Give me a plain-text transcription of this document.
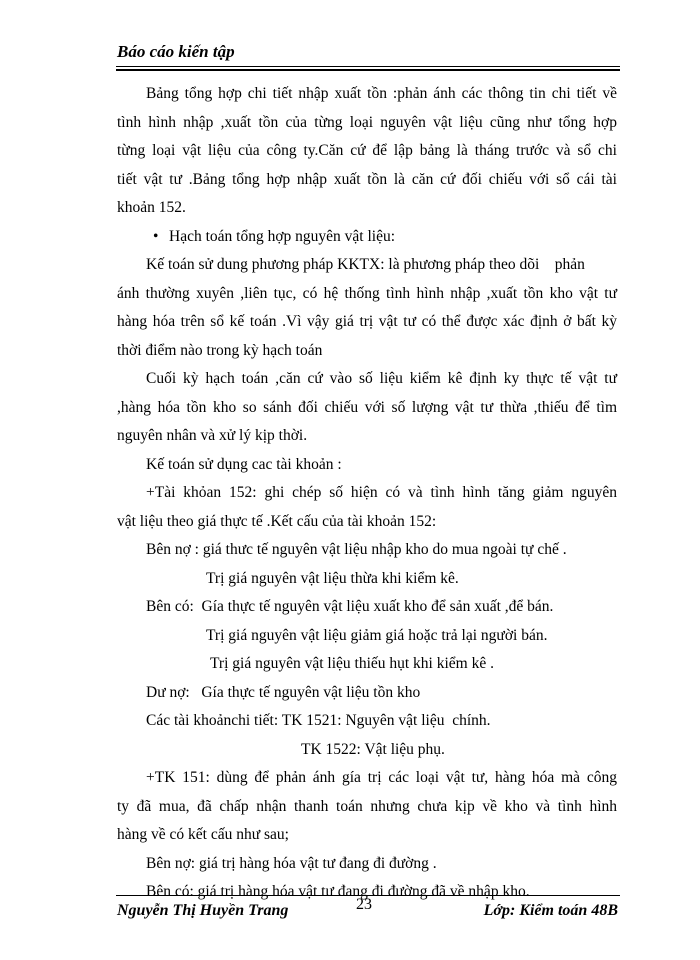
Báo cáo kiến tập

Bảng tổng hợp chi tiết nhập xuất tồn :phản ánh các thông tin chi tiết về

tình hình nhập ,xuất tồn của từng loại nguyên vật liệu cũng như tổng hợp

từng loại vật liệu của công ty.Căn cứ để lập bảng là tháng trước và sổ chi

tiết vật tư .Bảng tổng hợp nhập xuất tồn là căn cứ đối chiếu với sổ cái tài

khoản 152.

• Hạch toán tổng hợp nguyên vật liệu:

Kế toán sử dung phương pháp KKTX: là phương pháp theo dõi    phản

ánh thường xuyên ,liên tục, có hệ thống tình hình nhập ,xuất tồn kho vật tư

hàng hóa trên sổ kế toán .Vì vậy giá trị vật tư có thể được xác định ở bất kỳ

thời điểm nào trong kỳ hạch toán

Cuối kỳ hạch toán ,căn cứ vào số liệu kiểm kê định ky thực tế vật tư

,hàng hóa tồn kho so sánh đối chiếu với số lượng vật tư thừa ,thiếu để tìm

nguyên nhân và xử lý kịp thời.

Kế toán sử dụng cac tài khoản :

+Tài khỏan 152: ghi chép số hiện có và tình hình tăng giảm nguyên

vật liệu theo giá thực tế .Kết cấu của tài khoản 152:

Bên nợ : giá thưc tế nguyên vật liệu nhập kho do mua ngoài tự chế .

Trị giá nguyên vật liệu thừa khi kiểm kê.

Bên có:  Gía thực tế nguyên vật liệu xuất kho để sản xuất ,để bán.

Trị giá nguyên vật liệu giảm giá hoặc trả lại người bán.

Trị giá nguyên vật liệu thiếu hụt khi kiểm kê .

Dư nợ:   Gía thực tế nguyên vật liệu tồn kho

Các tài khoảnchi tiết: TK 1521: Nguyên vật liệu  chính.

TK 1522: Vật liệu phụ.

+TK 151: dùng để phản ánh gía trị các loại vật tư, hàng hóa mà công

ty đã mua, đã chấp nhận thanh toán nhưng chưa kịp về kho và tình hình

hàng về có kết cấu như sau;

Bên nợ: giá trị hàng hóa vật tư đang đi đường .

Bên có: giá trị hàng hóa vật tư đang đi đường đã về nhập kho.

Nguyễn Thị Huyền Trang	23	Lớp: Kiểm toán 48B
